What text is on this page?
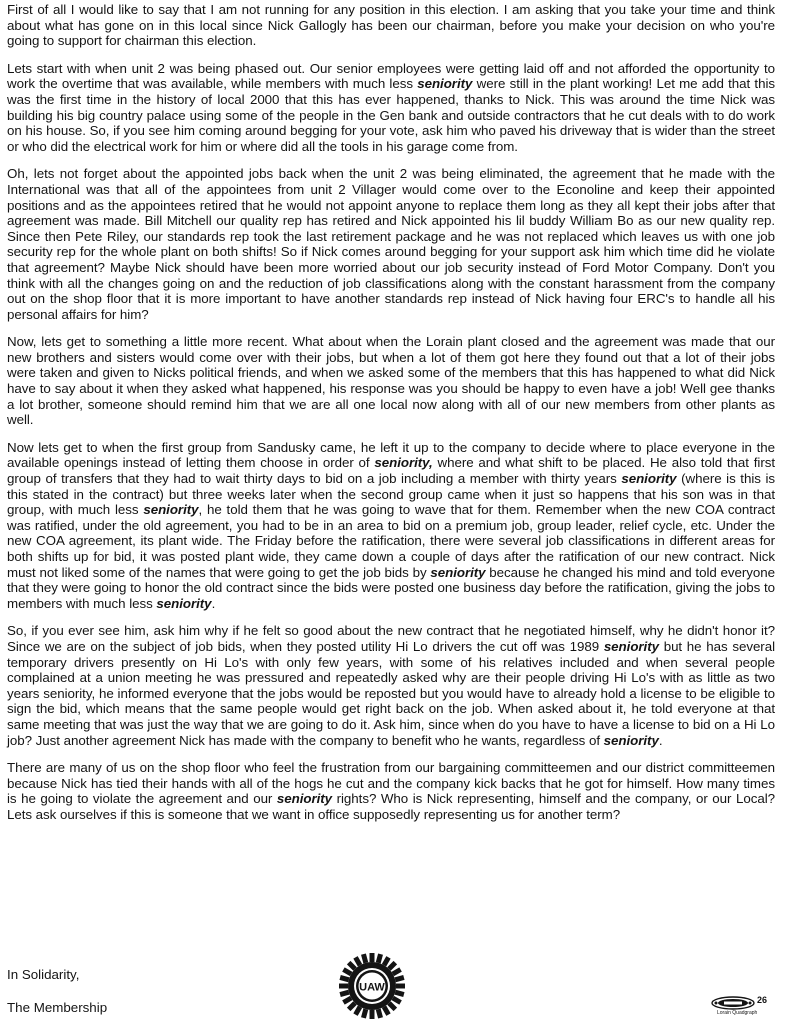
First of all I would like to say that I am not running for any position in this election. I am asking that you take your time and think about what has gone on in this local since Nick Gallogly has been our chairman, before you make your decision on who you're going to support for chairman this election.

Lets start with when unit 2 was being phased out. Our senior employees were getting laid off and not afforded the opportunity to work the overtime that was available, while members with much less seniority were still in the plant working! Let me add that this was the first time in the history of local 2000 that this has ever happened, thanks to Nick. This was around the time Nick was building his big country palace using some of the people in the Gen bank and outside contractors that he cut deals with to do work on his house. So, if you see him coming around begging for your vote, ask him who paved his driveway that is wider than the street or who did the electrical work for him or where did all the tools in his garage come from.

Oh, lets not forget about the appointed jobs back when the unit 2 was being eliminated, the agreement that he made with the International was that all of the appointees from unit 2 Villager would come over to the Econoline and keep their appointed positions and as the appointees retired that he would not appoint anyone to replace them long as they all kept their jobs after that agreement was made. Bill Mitchell our quality rep has retired and Nick appointed his lil buddy William Bo as our new quality rep. Since then Pete Riley, our standards rep took the last retirement package and he was not replaced which leaves us with one job security rep for the whole plant on both shifts! So if Nick comes around begging for your support ask him which time did he violate that agreement? Maybe Nick should have been more worried about our job security instead of Ford Motor Company. Don't you think with all the changes going on and the reduction of job classifications along with the constant harassment from the company out on the shop floor that it is more important to have another standards rep instead of Nick having four ERC's to handle all his personal affairs for him?

Now, lets get to something a little more recent. What about when the Lorain plant closed and the agreement was made that our new brothers and sisters would come over with their jobs, but when a lot of them got here they found out that a lot of their jobs were taken and given to Nicks political friends, and when we asked some of the members that this has happened to what did Nick have to say about it when they asked what happened, his response was you should be happy to even have a job! Well gee thanks a lot brother, someone should remind him that we are all one local now along with all of our new members from other plants as well.

Now lets get to when the first group from Sandusky came, he left it up to the company to decide where to place everyone in the available openings instead of letting them choose in order of seniority, where and what shift to be placed. He also told that first group of transfers that they had to wait thirty days to bid on a job including a member with thirty years seniority (where is this is this stated in the contract) but three weeks later when the second group came when it just so happens that his son was in that group, with much less seniority, he told them that he was going to wave that for them. Remember when the new COA contract was ratified, under the old agreement, you had to be in an area to bid on a premium job, group leader, relief cycle, etc. Under the new COA agreement, its plant wide. The Friday before the ratification, there were several job classifications in different areas for both shifts up for bid, it was posted plant wide, they came down a couple of days after the ratification of our new contract. Nick must not liked some of the names that were going to get the job bids by seniority because he changed his mind and told everyone that they were going to honor the old contract since the bids were posted one business day before the ratification, giving the jobs to members with much less seniority.

So, if you ever see him, ask him why if he felt so good about the new contract that he negotiated himself, why he didn't honor it? Since we are on the subject of job bids, when they posted utility Hi Lo drivers the cut off was 1989 seniority but he has several temporary drivers presently on Hi Lo's with only few years, with some of his relatives included and when several people complained at a union meeting he was pressured and repeatedly asked why are their people driving Hi Lo's with as little as two years seniority, he informed everyone that the jobs would be reposted but you would have to already hold a license to be eligible to sign the bid, which means that the same people would get right back on the job. When asked about it, he told everyone at that same meeting that was just the way that we are going to do it. Ask him, since when do you have to have a license to bid on a Hi Lo job? Just another agreement Nick has made with the company to benefit who he wants, regardless of seniority.

There are many of us on the shop floor who feel the frustration from our bargaining committeemen and our district committeemen because Nick has tied their hands with all of the hogs he cut and the company kick backs that he got for himself. How many times is he going to violate the agreement and our seniority rights? Who is Nick representing, himself and the company, or our Local? Lets ask ourselves if this is someone that we want in office supposedly representing us for another term?

In Solidarity,
The Membership
UAW
26
Lorain Quadgraph
